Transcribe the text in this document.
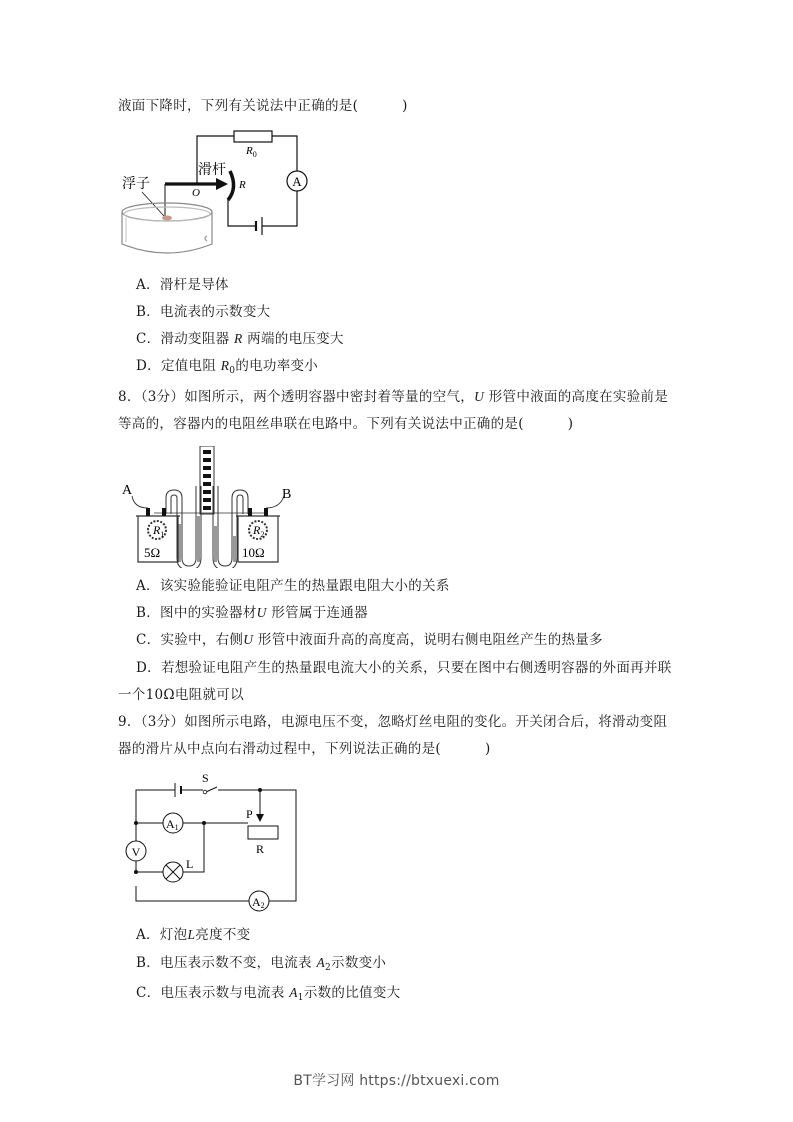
液面下降时，下列有关说法中正确的是(	)
A
$R_0$
R
O
滑杆
浮子
A．滑杆是导体
B．电流表的示数变大
C．滑动变阻器 R 两端的电压变大
D．定值电阻 $R_0$的电功率变小
8．（3分）如图所示，两个透明容器中密封着等量的空气，U 形管中液面的高度在实验前是
等高的，容器内的电阻丝串联在电路中。下列有关说法中正确的是(	)
$R_1$
5Ω
$R_2$
10Ω
A	B
A．该实验能验证电阻产生的热量跟电阻大小的关系
B．图中的实验器材U 形管属于连通器
C．实验中，右侧U 形管中液面升高的高度高，说明右侧电阻丝产生的热量多
D．若想验证电阻产生的热量跟电流大小的关系，只要在图中右侧透明容器的外面再并联
一个10Ω电阻就可以
9．（3分）如图所示电路，电源电压不变，忽略灯丝电阻的变化。开关闭合后，将滑动变阻
器的滑片从中点向右滑动过程中，下列说法正确的是(	)
S
P
R
A1
V
L
A2
A．灯泡L亮度不变
B．电压表示数不变，电流表 $A_2$示数变小
C．电压表示数与电流表 $A_1$示数的比值变大
BT学习网 https://btxuexi.com
